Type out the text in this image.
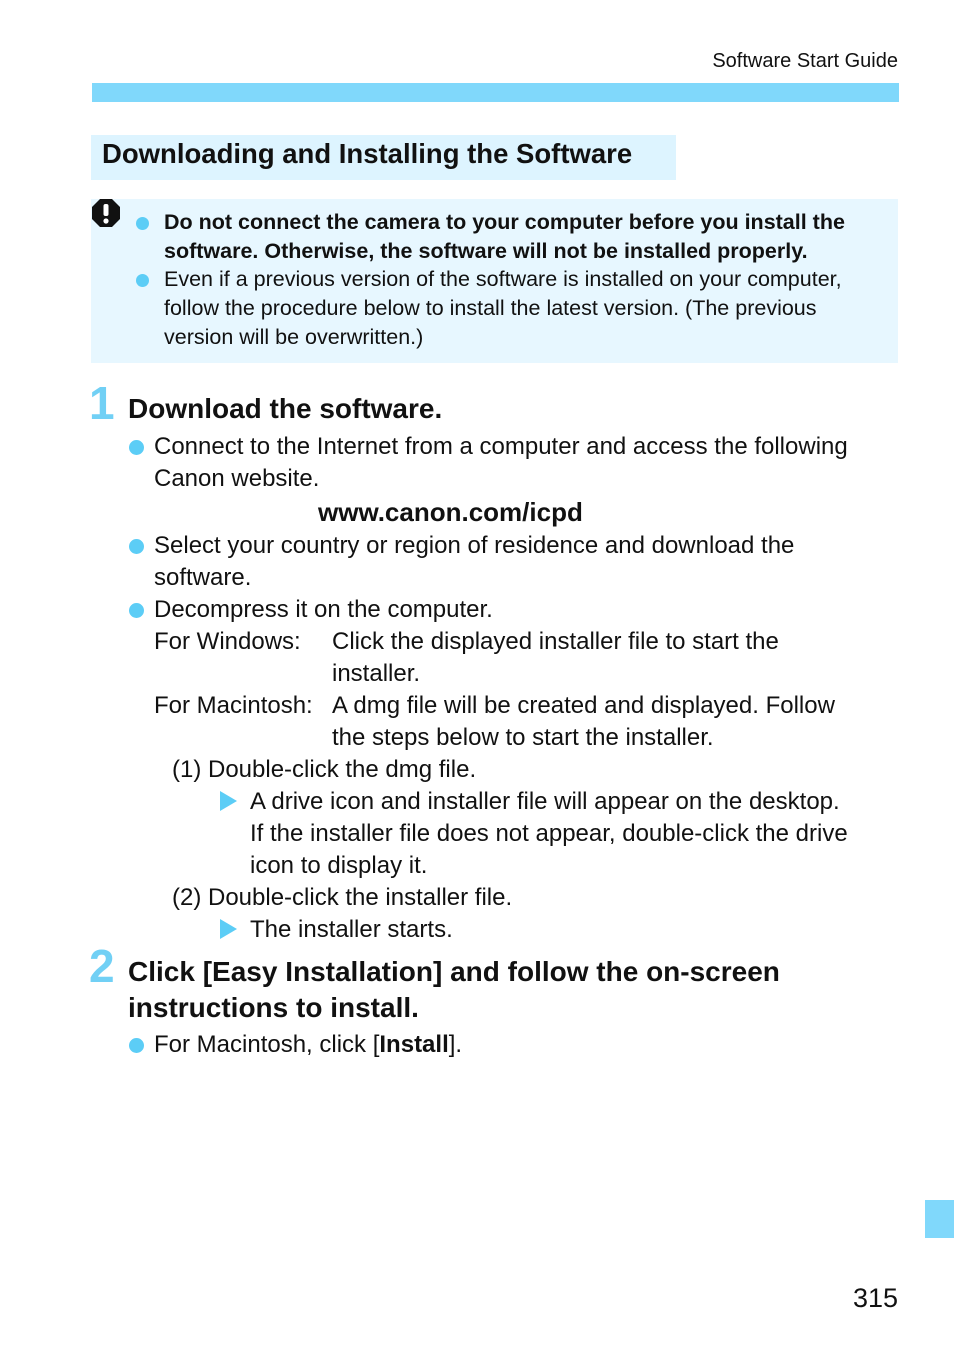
Software Start Guide
Downloading and Installing the Software
Do not connect the camera to your computer before you install the
software. Otherwise, the software will not be installed properly.
Even if a previous version of the software is installed on your computer,
follow the procedure below to install the latest version. (The previous
version will be overwritten.)
1 Download the software.
Connect to the Internet from a computer and access the following
Canon website.
www.canon.com/icpd
Select your country or region of residence and download the
software.
Decompress it on the computer.
For Windows: Click the displayed installer file to start the
installer.
For Macintosh: A dmg file will be created and displayed. Follow
the steps below to start the installer.
(1) Double-click the dmg file.
A drive icon and installer file will appear on the desktop.
If the installer file does not appear, double-click the drive
icon to display it.
(2) Double-click the installer file.
The installer starts.
2 Click [Easy Installation] and follow the on-screen
instructions to install.
For Macintosh, click [Install].
315
